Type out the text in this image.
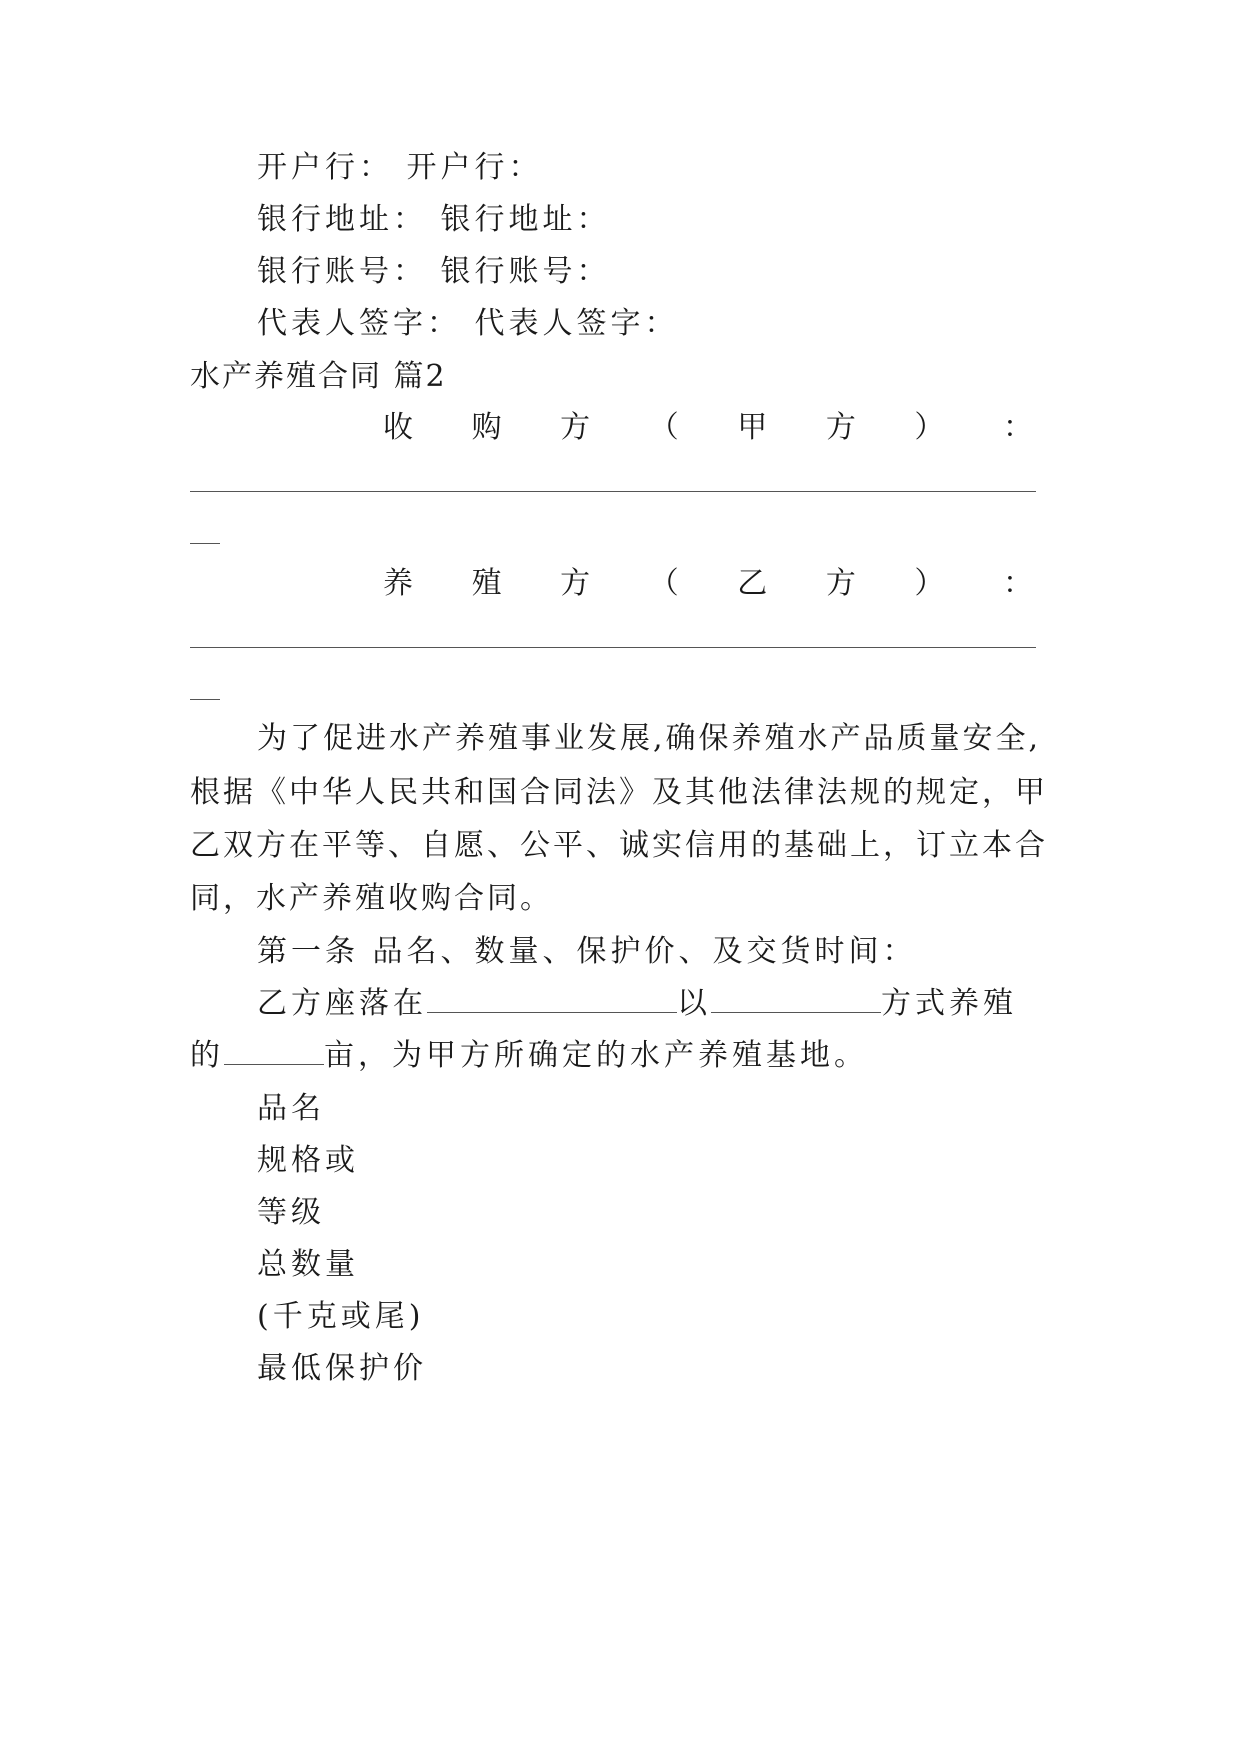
开户行： 开户行：
银行地址： 银行地址：
银行账号： 银行账号：
代表人签字： 代表人签字：
水产养殖合同 篇2
收 购 方 （ 甲 方 ） ：
养 殖 方 （ 乙 方 ） ：
为了促进水产养殖事业发展,确保养殖水产品质量安全,
根据《中华人民共和国合同法》及其他法律法规的规定，甲
乙双方在平等、自愿、公平、诚实信用的基础上，订立本合
同，水产养殖收购合同。
第一条 品名、数量、保护价、及交货时间：
乙方座落在	以	方式养殖
的	亩，为甲方所确定的水产养殖基地。
品名
规格或
等级
总数量
(千克或尾)
最低保护价
